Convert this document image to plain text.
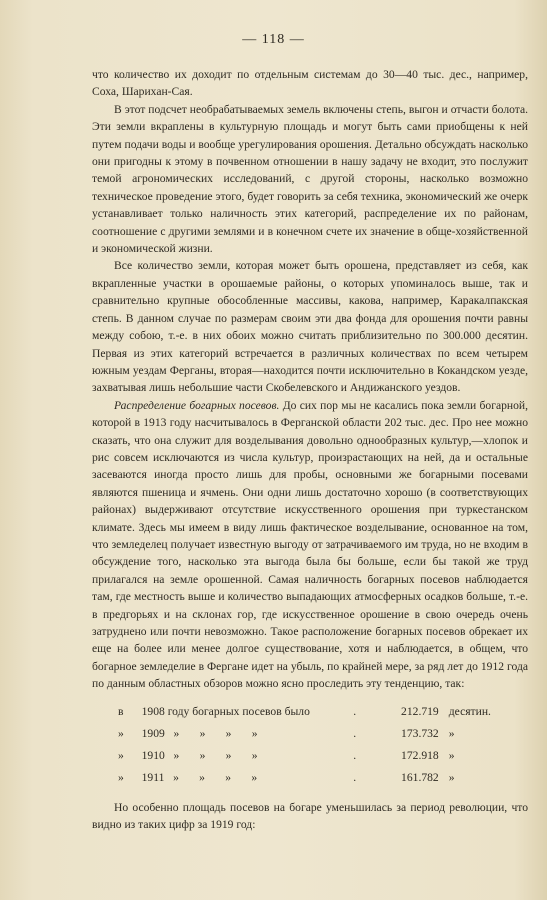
— 118 —

что количество их доходит по отдельным системам до 30—40 тыс. дес., например, Соха, Шарихан-Сая.

В этот подсчет необрабатываемых земель включены степь, выгон и отчасти болота. Эти земли вкраплены в культурную площадь и могут быть сами приобщены к ней путем подачи воды и вообще урегулирования орошения. Детально обсуждать насколько они пригодны к этому в почвенном отношении в нашу задачу не входит, это послужит темой агрономических исследований, с другой стороны, насколько возможно техническое проведение этого, будет говорить за себя техника, экономический же очерк устанавливает только наличность этих категорий, распределение их по районам, соотношение с другими землями и в конечном счете их значение в обще-хозяйственной и экономической жизни.

Все количество земли, которая может быть орошена, представляет из себя, как вкрапленные участки в орошаемые районы, о которых упоминалось выше, так и сравнительно крупные обособленные массивы, какова, например, Каракалпакская степь. В данном случае по размерам своим эти два фонда для орошения почти равны между собою, т.-е. в них обоих можно считать приблизительно по 300.000 десятин. Первая из этих категорий встречается в различных количествах по всем четырем южным уездам Ферганы, вторая—находится почти исключительно в Кокандском уезде, захватывая лишь небольшие части Скобелевского и Андижанского уездов.

Распределение богарных посевов. До сих пор мы не касались пока земли богарной, которой в 1913 году насчитывалось в Ферганской области 202 тыс. дес. Про нее можно сказать, что она служит для возделывания довольно однообразных культур,—хлопок и рис совсем исключаются из числа культур, произрастающих на ней, да и остальные засеваются иногда просто лишь для пробы, основными же богарными посевами являются пшеница и ячмень. Они одни лишь достаточно хорошо (в соответствующих районах) выдерживают отсутствие искусственного орошения при туркестанском климате. Здесь мы имеем в виду лишь фактическое возделывание, основанное на том, что земледелец получает известную выгоду от затрачиваемого им труда, но не входим в обсуждение того, насколько эта выгода была бы больше, если бы такой же труд прилагался на земле орошенной. Самая наличность богарных посевов наблюдается там, где местность выше и количество выпадающих атмосферных осадков больше, т.-е. в предгорьях и на склонах гор, где искусственное орошение в свою очередь очень затруднено или почти невозможно. Такое расположение богарных посевов обрекает их еще на более или менее долгое существование, хотя и наблюдается, в общем, что богарное земледелие в Фергане идет на убыль, по крайней мере, за ряд лет до 1912 года по данным областных обзоров можно ясно проследить эту тенденцию, так:

в	1908 году богарных посевов было	.	212.719	десятин.
»	1909   »       »       »       »	.	173.732	»
»	1910   »       »       »       »	.	172.918	»
»	1911   »       »       »       »	.	161.782	»

Но особенно площадь посевов на богаре уменьшилась за период революции, что видно из таких цифр за 1919 год:
